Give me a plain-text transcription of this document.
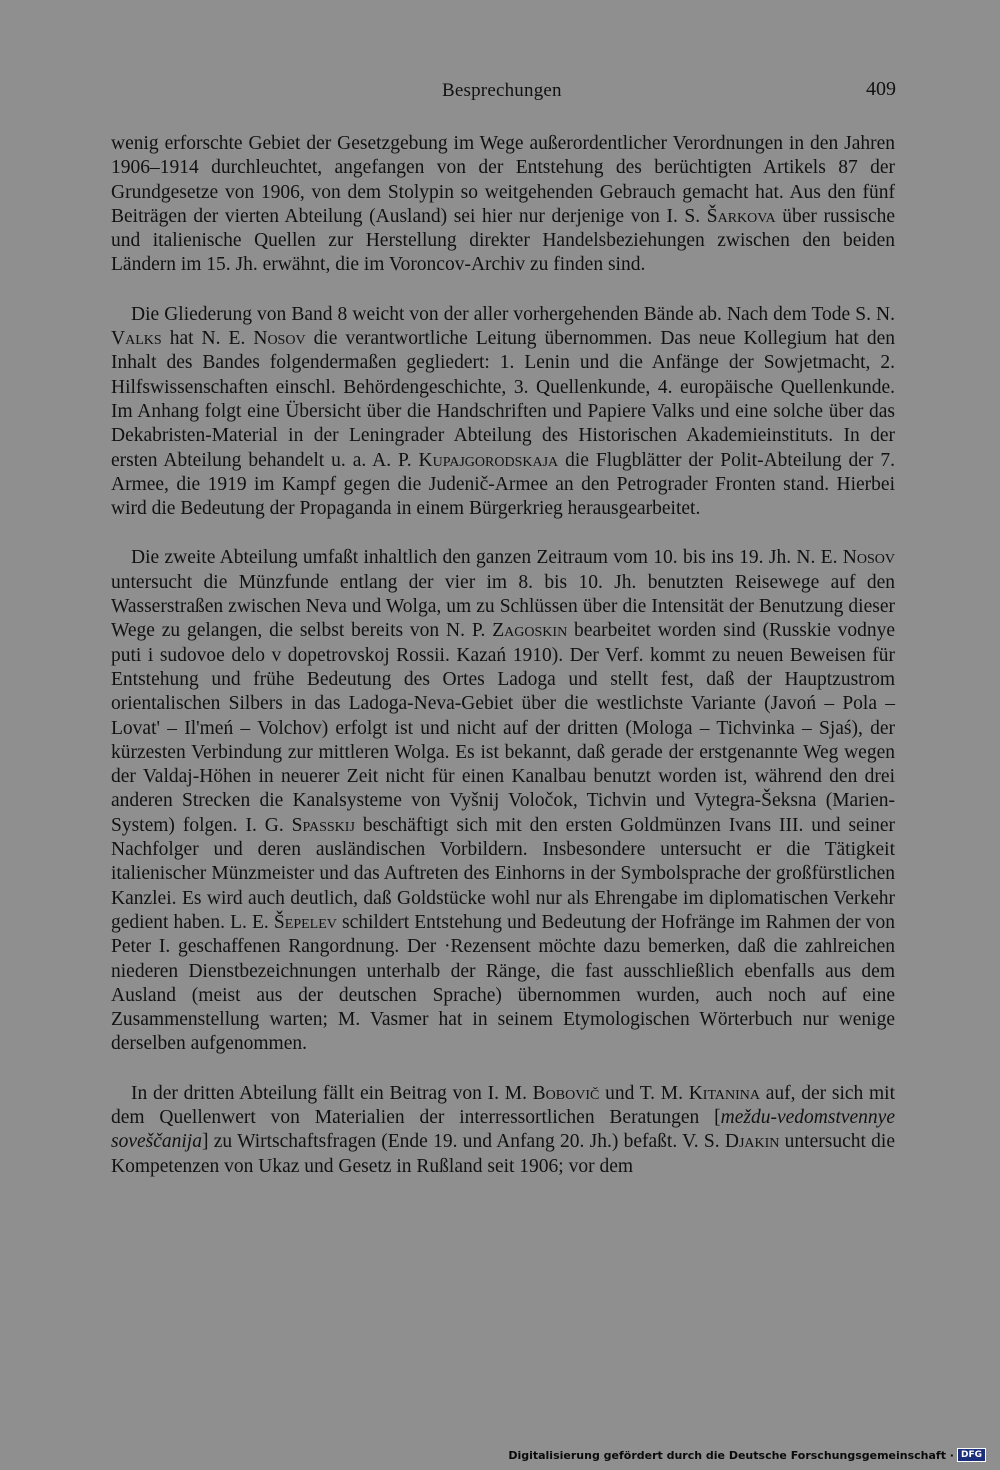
Besprechungen	409

wenig erforschte Gebiet der Gesetzgebung im Wege außerordentlicher Verordnungen in den Jahren 1906–1914 durchleuchtet, angefangen von der Entstehung des berüchtigten Artikels 87 der Grundgesetze von 1906, von dem Stolypin so weitgehenden Gebrauch gemacht hat. Aus den fünf Beiträgen der vierten Abteilung (Ausland) sei hier nur derjenige von I. S. Šarkova über russische und italienische Quellen zur Herstellung direkter Handelsbeziehungen zwischen den beiden Ländern im 15. Jh. erwähnt, die im Voroncov-Archiv zu finden sind.

Die Gliederung von Band 8 weicht von der aller vorhergehenden Bände ab. Nach dem Tode S. N. Valks hat N. E. Nosov die verantwortliche Leitung übernommen. Das neue Kollegium hat den Inhalt des Bandes folgendermaßen gegliedert: 1. Lenin und die Anfänge der Sowjetmacht, 2. Hilfswissenschaften einschl. Behördengeschichte, 3. Quellenkunde, 4. europäische Quellenkunde. Im Anhang folgt eine Übersicht über die Handschriften und Papiere Valks und eine solche über das Dekabristen-Material in der Leningrader Abteilung des Historischen Akademieinstituts. In der ersten Abteilung behandelt u. a. A. P. Kupajgorodskaja die Flugblätter der Polit-Abteilung der 7. Armee, die 1919 im Kampf gegen die Judenič-Armee an den Petrograder Fronten stand. Hierbei wird die Bedeutung der Propaganda in einem Bürgerkrieg herausgearbeitet.

Die zweite Abteilung umfaßt inhaltlich den ganzen Zeitraum vom 10. bis ins 19. Jh. N. E. Nosov untersucht die Münzfunde entlang der vier im 8. bis 10. Jh. benutzten Reisewege auf den Wasserstraßen zwischen Neva und Wolga, um zu Schlüssen über die Intensität der Benutzung dieser Wege zu gelangen, die selbst bereits von N. P. Zagoskin bearbeitet worden sind (Russkie vodnye puti i sudovoe delo v dopetrovskoj Rossii. Kazań 1910). Der Verf. kommt zu neuen Beweisen für Entstehung und frühe Bedeutung des Ortes Ladoga und stellt fest, daß der Hauptzustrom orientalischen Silbers in das Ladoga-Neva-Gebiet über die westlichste Variante (Javoń – Pola – Lovat' – Il'meń – Volchov) erfolgt ist und nicht auf der dritten (Mologa – Tichvinka – Sjaś), der kürzesten Verbindung zur mittleren Wolga. Es ist bekannt, daß gerade der erstgenannte Weg wegen der Valdaj-Höhen in neuerer Zeit nicht für einen Kanalbau benutzt worden ist, während den drei anderen Strecken die Kanalsysteme von Vyšnij Voločok, Tichvin und Vytegra-Šeksna (Marien-System) folgen. I. G. Spasskij beschäftigt sich mit den ersten Goldmünzen Ivans III. und seiner Nachfolger und deren ausländischen Vorbildern. Insbesondere untersucht er die Tätigkeit italienischer Münzmeister und das Auftreten des Einhorns in der Symbolsprache der großfürstlichen Kanzlei. Es wird auch deutlich, daß Goldstücke wohl nur als Ehrengabe im diplomatischen Verkehr gedient haben. L. E. Šepelev schildert Entstehung und Bedeutung der Hofränge im Rahmen der von Peter I. geschaffenen Rangordnung. Der ·Rezensent möchte dazu bemerken, daß die zahlreichen niederen Dienstbezeichnungen unterhalb der Ränge, die fast ausschließlich ebenfalls aus dem Ausland (meist aus der deutschen Sprache) übernommen wurden, auch noch auf eine Zusammenstellung warten; M. Vasmer hat in seinem Etymologischen Wörterbuch nur wenige derselben aufgenommen.

In der dritten Abteilung fällt ein Beitrag von I. M. Bobovič und T. M. Kitanina auf, der sich mit dem Quellenwert von Materialien der interressortlichen Beratungen [meždu-vedomstvennye soveščanija] zu Wirtschaftsfragen (Ende 19. und Anfang 20. Jh.) befaßt. V. S. Djakin untersucht die Kompetenzen von Ukaz und Gesetz in Rußland seit 1906; vor dem

Digitalisierung gefördert durch die Deutsche Forschungsgemeinschaft · DFG
